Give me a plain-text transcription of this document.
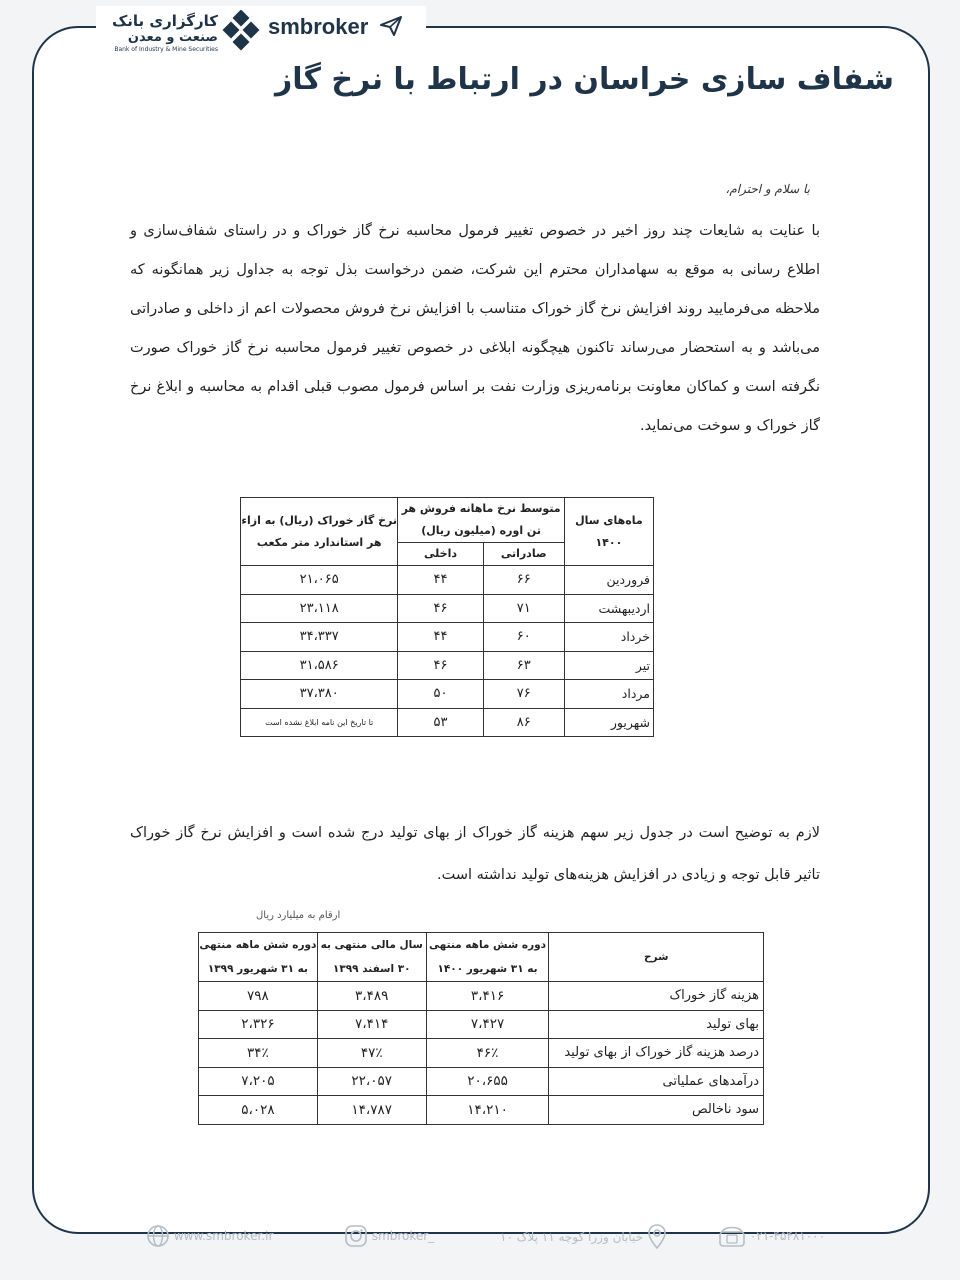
کارگزاری بانک
صنعت و معدن
Bank of Industry & Mine Securities
smbroker
شفاف سازی خراسان در ارتباط با نرخ گاز
با سلام و احترام،
با عنایت به شایعات چند روز اخیر در خصوص تغییر فرمول محاسبه نرخ گاز خوراک و در راستای شفاف‌سازی و اطلاع رسانی به موقع به سهامداران محترم این شرکت، ضمن درخواست بذل توجه به جداول زیر همانگونه که ملاحظه می‌فرمایید روند افزایش نرخ گاز خوراک متناسب با افزایش نرخ فروش محصولات اعم از داخلی و صادراتی می‌باشد و به استحضار می‌رساند تاکنون هیچگونه ابلاغی در خصوص تغییر فرمول محاسبه نرخ گاز خوراک صورت نگرفته است و کماکان معاونت برنامه‌ریزی وزارت نفت بر اساس فرمول مصوب قبلی اقدام به محاسبه و ابلاغ نرخ گاز خوراک و سوخت می‌نماید.
لازم به توضیح است در جدول زیر سهم هزینه گاز خوراک از بهای تولید درج شده است و افزایش نرخ گاز خوراک تاثیر قابل توجه و زیادی در افزایش هزینه‌های تولید نداشته است.
ماه‌های سال ۱۴۰۰	متوسط نرخ ماهانه فروش هر تن اوره (میلیون ریال)		نرخ گاز خوراک (ریال) به ازاء هر استاندارد متر مکعب
	صادراتی	داخلی	
فروردین	۶۶	۴۴	۲۱،۰۶۵
اردیبهشت	۷۱	۴۶	۲۳،۱۱۸
خرداد	۶۰	۴۴	۳۴،۳۳۷
تیر	۶۳	۴۶	۳۱،۵۸۶
مرداد	۷۶	۵۰	۳۷،۳۸۰
شهریور	۸۶	۵۳	تا تاریخ این نامه ابلاغ نشده است
ارقام به میلیارد ریال
شرح	دوره شش ماهه منتهی به ۳۱ شهریور ۱۴۰۰	سال مالی منتهی به ۳۰ اسفند ۱۳۹۹	دوره شش ماهه منتهی به ۳۱ شهریور ۱۳۹۹
هزینه گاز خوراک	۳،۴۱۶	۳،۴۸۹	۷۹۸
بهای تولید	۷،۴۲۷	۷،۴۱۴	۲،۳۲۶
درصد هزینه گاز خوراک از بهای تولید	۴۶٪	۴۷٪	۳۴٪
درآمدهای عملیاتی	۲۰،۶۵۵	۲۲،۰۵۷	۷،۲۰۵
سود ناخالص	۱۴،۲۱۰	۱۴،۷۸۷	۵،۰۲۸
www.smbroker.ir	smbroker_	خیابان وزرا کوچه ۱۱ پلاک ۱۰	۰۲۱-۴۵۴۸۱۰۰۰
